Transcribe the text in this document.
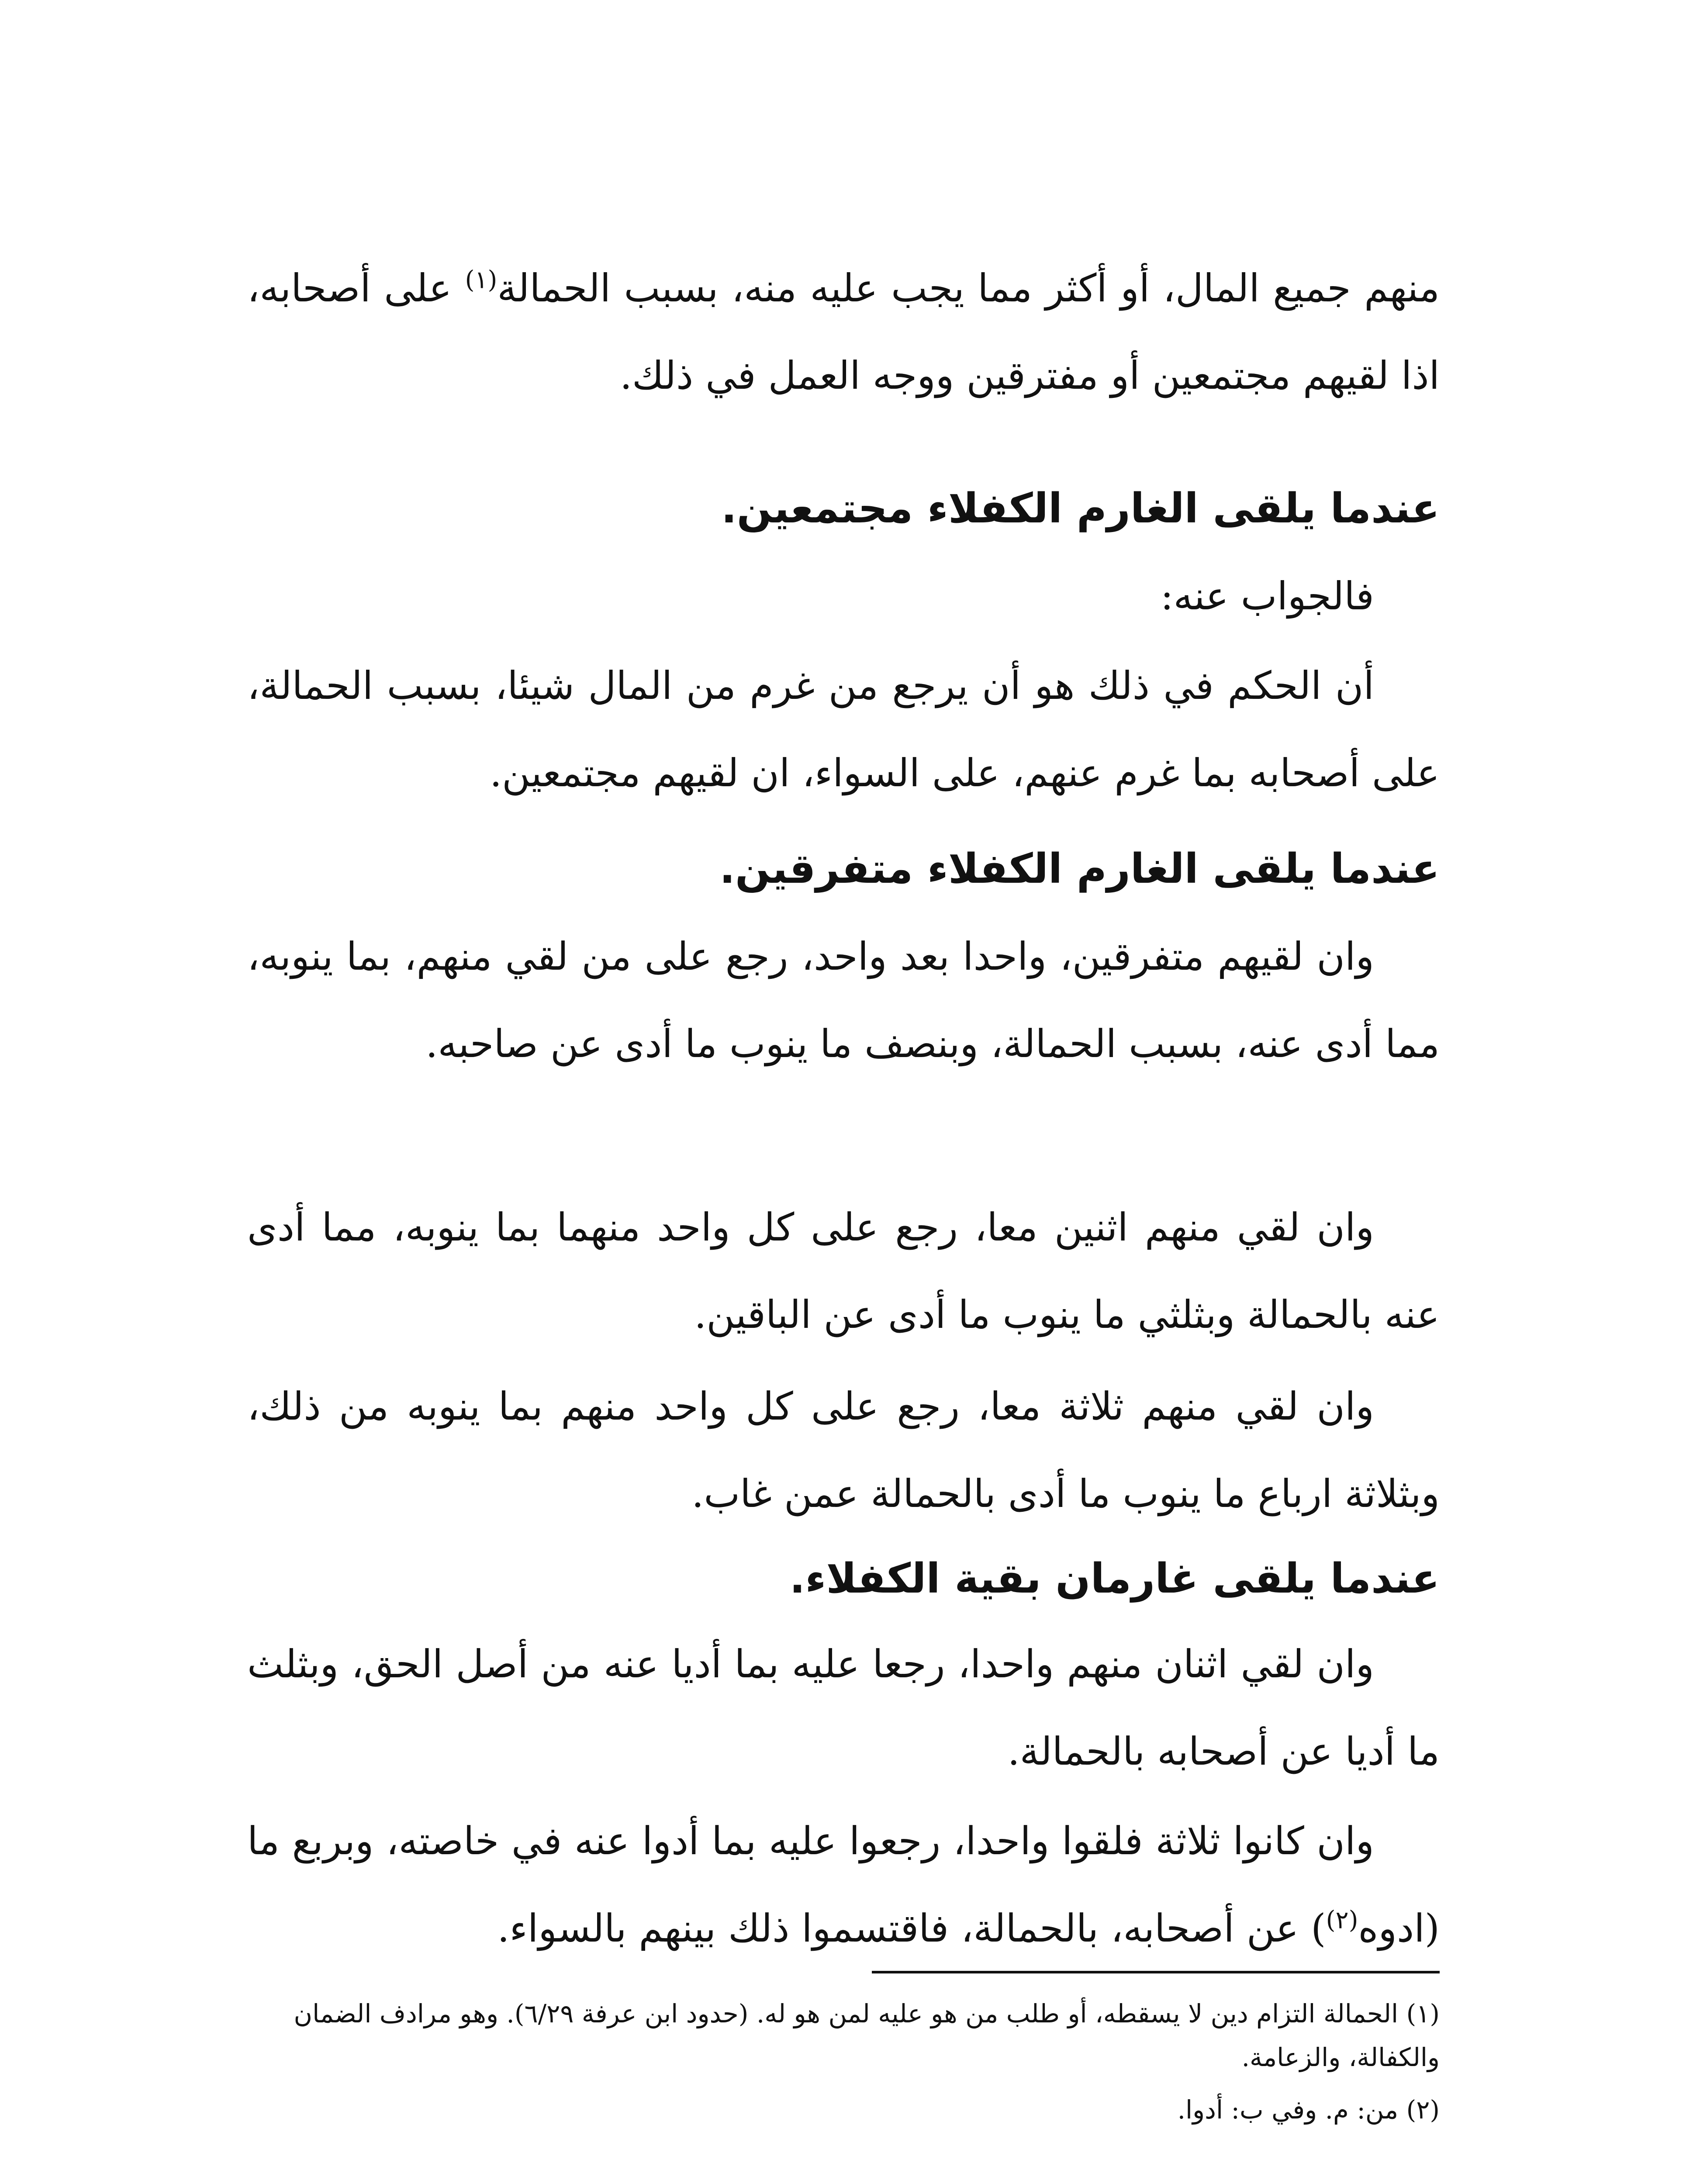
منهم جميع المال، أو أكثر مما يجب عليه منه، بسبب الحمالة$^{(١)}$ على أصحابه، اذا لقيهم مجتمعين أو مفترقين ووجه العمل في ذلك.

عندما يلقى الغارم الكفلاء مجتمعين.

فالجواب عنه:

أن الحكم في ذلك هو أن يرجع من غرم من المال شيئا، بسبب الحمالة، على أصحابه بما غرم عنهم، على السواء، ان لقيهم مجتمعين.

عندما يلقى الغارم الكفلاء متفرقين.

وان لقيهم متفرقين، واحدا بعد واحد، رجع على من لقي منهم، بما ينوبه، مما أدى عنه، بسبب الحمالة، وبنصف ما ينوب ما أدى عن صاحبه.

وان لقي منهم اثنين معا، رجع على كل واحد منهما بما ينوبه، مما أدى عنه بالحمالة وبثلثي ما ينوب ما أدى عن الباقين.

وان لقي منهم ثلاثة معا، رجع على كل واحد منهم بما ينوبه من ذلك، وبثلاثة ارباع ما ينوب ما أدى بالحمالة عمن غاب.

عندما يلقى غارمان بقية الكفلاء.

وان لقي اثنان منهم واحدا، رجعا عليه بما أديا عنه من أصل الحق، وبثلث ما أديا عن أصحابه بالحمالة.

وان كانوا ثلاثة فلقوا واحدا، رجعوا عليه بما أدوا عنه في خاصته، وبربع ما (ادوه$^{(٢)}$) عن أصحابه، بالحمالة، فاقتسموا ذلك بينهم بالسواء.

(١) الحمالة التزام دين لا يسقطه، أو طلب من هو عليه لمن هو له. (حدود ابن عرفة ٦/٢٩). وهو مرادف الضمان والكفالة، والزعامة.

(٢) من: م. وفي ب: أدوا.
